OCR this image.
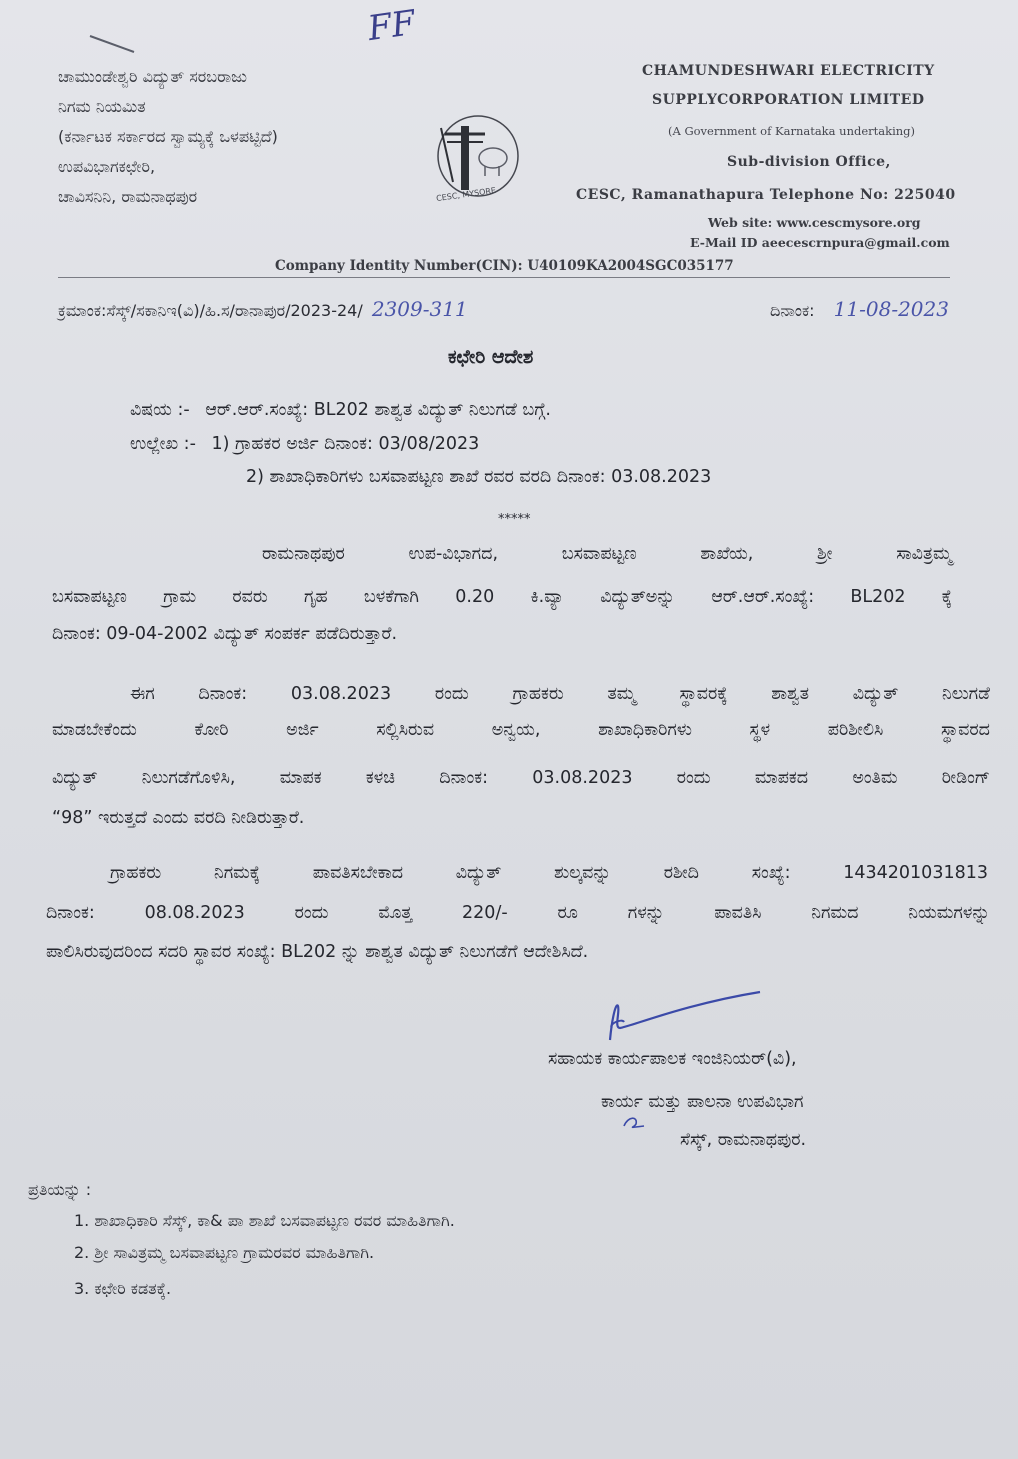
FF
ಚಾಮುಂಡೇಶ್ವರಿ ವಿದ್ಯುತ್ ಸರಬರಾಜು
ನಿಗಮ ನಿಯಮಿತ
(ಕರ್ನಾಟಕ ಸರ್ಕಾರದ ಸ್ವಾಮ್ಯಕ್ಕೆ ಒಳಪಟ್ಟಿದೆ)
ಉಪವಿಭಾಗಕಛೇರಿ,
ಚಾವಿಸನಿನಿ, ರಾಮನಾಥಪುರ	CESC, MYSORE
CHAMUNDESHWARI ELECTRICITY
SUPPLYCORPORATION LIMITED
(A Government of Karnataka undertaking)
Sub-division Office,
CESC, Ramanathapura Telephone No: 225040
Web site: www.cescmysore.org
E-Mail ID aeecescrnpura@gmail.com
Company Identity Number(CIN): U40109KA2004SGC035177
ಕ್ರಮಾಂಕ:ಸೆಸ್ಕ್/ಸಕಾನಿಇ(ವಿ)/ಹಿ.ಸ/ರಾನಾಪುರ/2023-24/ 2309-311	ದಿನಾಂಕ: 11-08-2023
ಕಛೇರಿ ಆದೇಶ
ವಿಷಯ :- ಆರ್.ಆರ್.ಸಂಖ್ಯೆ: BL202 ಶಾಶ್ವತ ವಿದ್ಯುತ್ ನಿಲುಗಡೆ ಬಗ್ಗೆ.
ಉಲ್ಲೇಖ :- 1) ಗ್ರಾಹಕರ ಅರ್ಜಿ ದಿನಾಂಕ: 03/08/2023
2) ಶಾಖಾಧಿಕಾರಿಗಳು ಬಸವಾಪಟ್ಟಣ ಶಾಖೆ ರವರ ವರದಿ ದಿನಾಂಕ: 03.08.2023
*****
ರಾಮನಾಥಪುರ ಉಪ-ವಿಭಾಗದ, ಬಸವಾಪಟ್ಟಣ ಶಾಖೆಯ, ಶ್ರೀ ಸಾವಿತ್ರಮ್ಮ
ಬಸವಾಪಟ್ಟಣ ಗ್ರಾಮ ರವರು ಗೃಹ ಬಳಕೆಗಾಗಿ 0.20 ಕಿ.ವ್ಯಾ ವಿದ್ಯುತ್‌ಅನ್ನು ಆರ್.ಆರ್.ಸಂಖ್ಯೆ: BL202 ಕ್ಕೆ
ದಿನಾಂಕ: 09-04-2002 ವಿದ್ಯುತ್ ಸಂಪರ್ಕ ಪಡೆದಿರುತ್ತಾರೆ.
ಈಗ ದಿನಾಂಕ: 03.08.2023 ರಂದು ಗ್ರಾಹಕರು ತಮ್ಮ ಸ್ಥಾವರಕ್ಕೆ ಶಾಶ್ವತ ವಿದ್ಯುತ್ ನಿಲುಗಡೆ
ಮಾಡಬೇಕೆಂದು ಕೋರಿ ಅರ್ಜಿ ಸಲ್ಲಿಸಿರುವ ಅನ್ವಯ, ಶಾಖಾಧಿಕಾರಿಗಳು ಸ್ಥಳ ಪರಿಶೀಲಿಸಿ ಸ್ಥಾವರದ
ವಿದ್ಯುತ್ ನಿಲುಗಡೆಗೊಳಿಸಿ, ಮಾಪಕ ಕಳಚಿ ದಿನಾಂಕ: 03.08.2023 ರಂದು ಮಾಪಕದ ಅಂತಿಮ ರೀಡಿಂಗ್
“98” ಇರುತ್ತದೆ ಎಂದು ವರದಿ ನೀಡಿರುತ್ತಾರೆ.
ಗ್ರಾಹಕರು ನಿಗಮಕ್ಕೆ ಪಾವತಿಸಬೇಕಾದ ವಿದ್ಯುತ್ ಶುಲ್ಕವನ್ನು ರಶೀದಿ ಸಂಖ್ಯೆ: 1434201031813
ದಿನಾಂಕ: 08.08.2023 ರಂದು ಮೊತ್ತ 220/- ರೂ ಗಳನ್ನು ಪಾವತಿಸಿ ನಿಗಮದ ನಿಯಮಗಳನ್ನು
ಪಾಲಿಸಿರುವುದರಿಂದ ಸದರಿ ಸ್ಥಾವರ ಸಂಖ್ಯೆ: BL202 ನ್ನು ಶಾಶ್ವತ ವಿದ್ಯುತ್ ನಿಲುಗಡೆಗೆ ಆದೇಶಿಸಿದೆ.
ಸಹಾಯಕ ಕಾರ್ಯಪಾಲಕ ಇಂಜಿನಿಯರ್(ವಿ),
ಕಾರ್ಯ ಮತ್ತು ಪಾಲನಾ ಉಪವಿಭಾಗ
ಸೆಸ್ಕ್, ರಾಮನಾಥಪುರ.
ಪ್ರತಿಯನ್ನು :
1. ಶಾಖಾಧಿಕಾರಿ ಸೆಸ್ಕ್, ಕಾ& ಪಾ ಶಾಖೆ ಬಸವಾಪಟ್ಟಣ ರವರ ಮಾಹಿತಿಗಾಗಿ.
2. ಶ್ರೀ ಸಾವಿತ್ರಮ್ಮ ಬಸವಾಪಟ್ಟಣ ಗ್ರಾಮರವರ ಮಾಹಿತಿಗಾಗಿ.
3. ಕಛೇರಿ ಕಡತಕ್ಕೆ.
